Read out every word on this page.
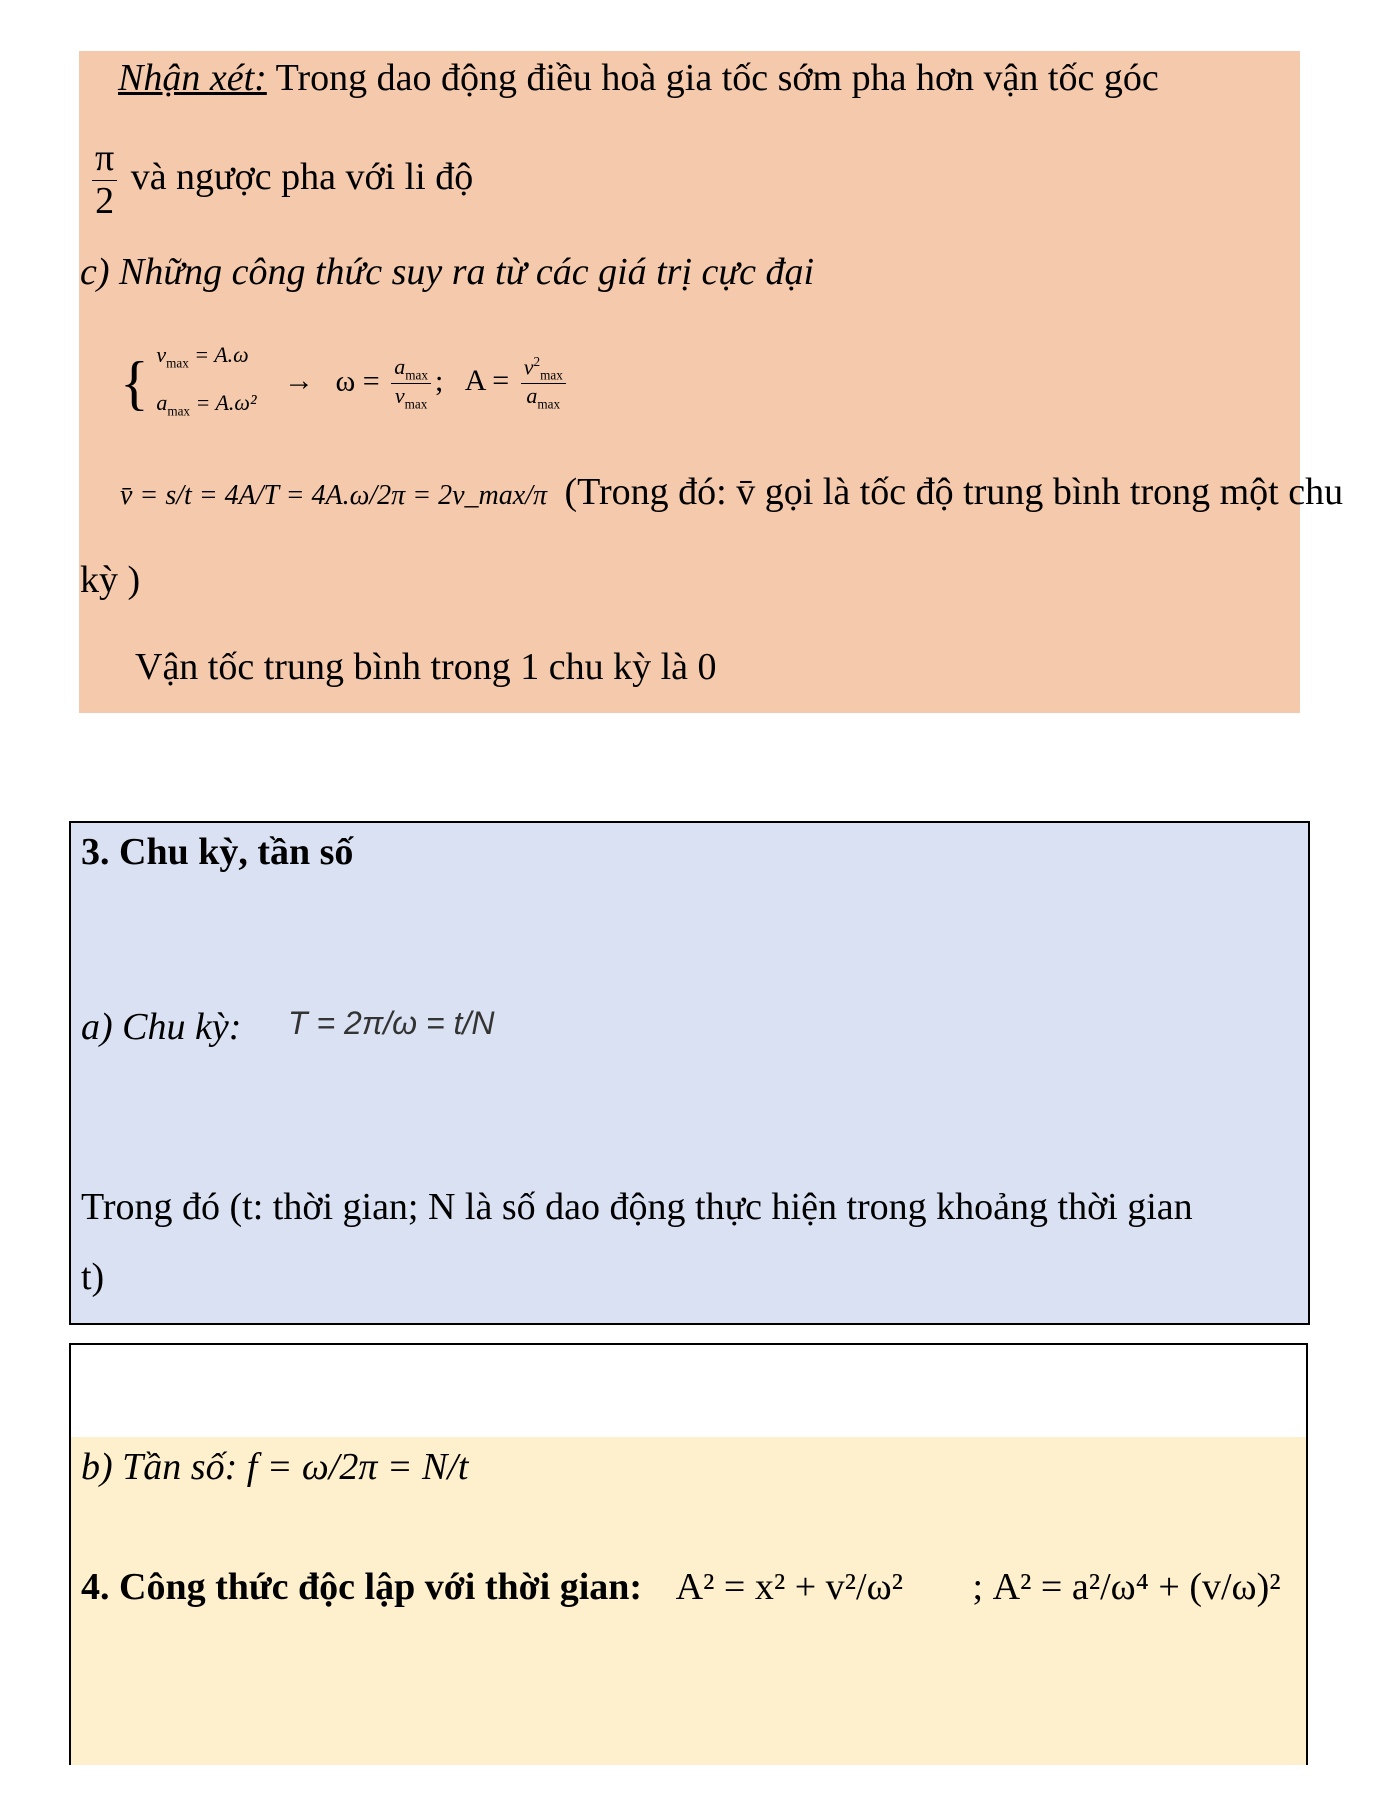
Nhận xét: Trong dao động điều hoà gia tốc sớm pha hơn vận tốc góc
$\frac{\pi}{2}$ và ngược pha với li độ
c) Những công thức suy ra từ các giá trị cực đại
{ $v_{max} = A.\omega$
$a_{max} = A.\omega^2 \to \omega = \frac{a_{max}}{v_{max}}$ ; $A = \frac{v^2_{max}}{a_{max}}$
v̄ = s/t = 4A/T = 4A.ω/2π = 2v_max/π (Trong đó: v̄ gọi là tốc độ trung bình trong một chu
kỳ )
Vận tốc trung bình trong 1 chu kỳ là 0
3. Chu kỳ, tần số
a) Chu kỳ: T = 2π/ω = t/N
Trong đó (t: thời gian; N là số dao động thực hiện trong khoảng thời gian
t)
b) Tần số: f = ω/2π = N/t
4. Công thức độc lập với thời gian: A² = x² + v²/ω² ; A² = a²/ω⁴ + (v/ω)²
